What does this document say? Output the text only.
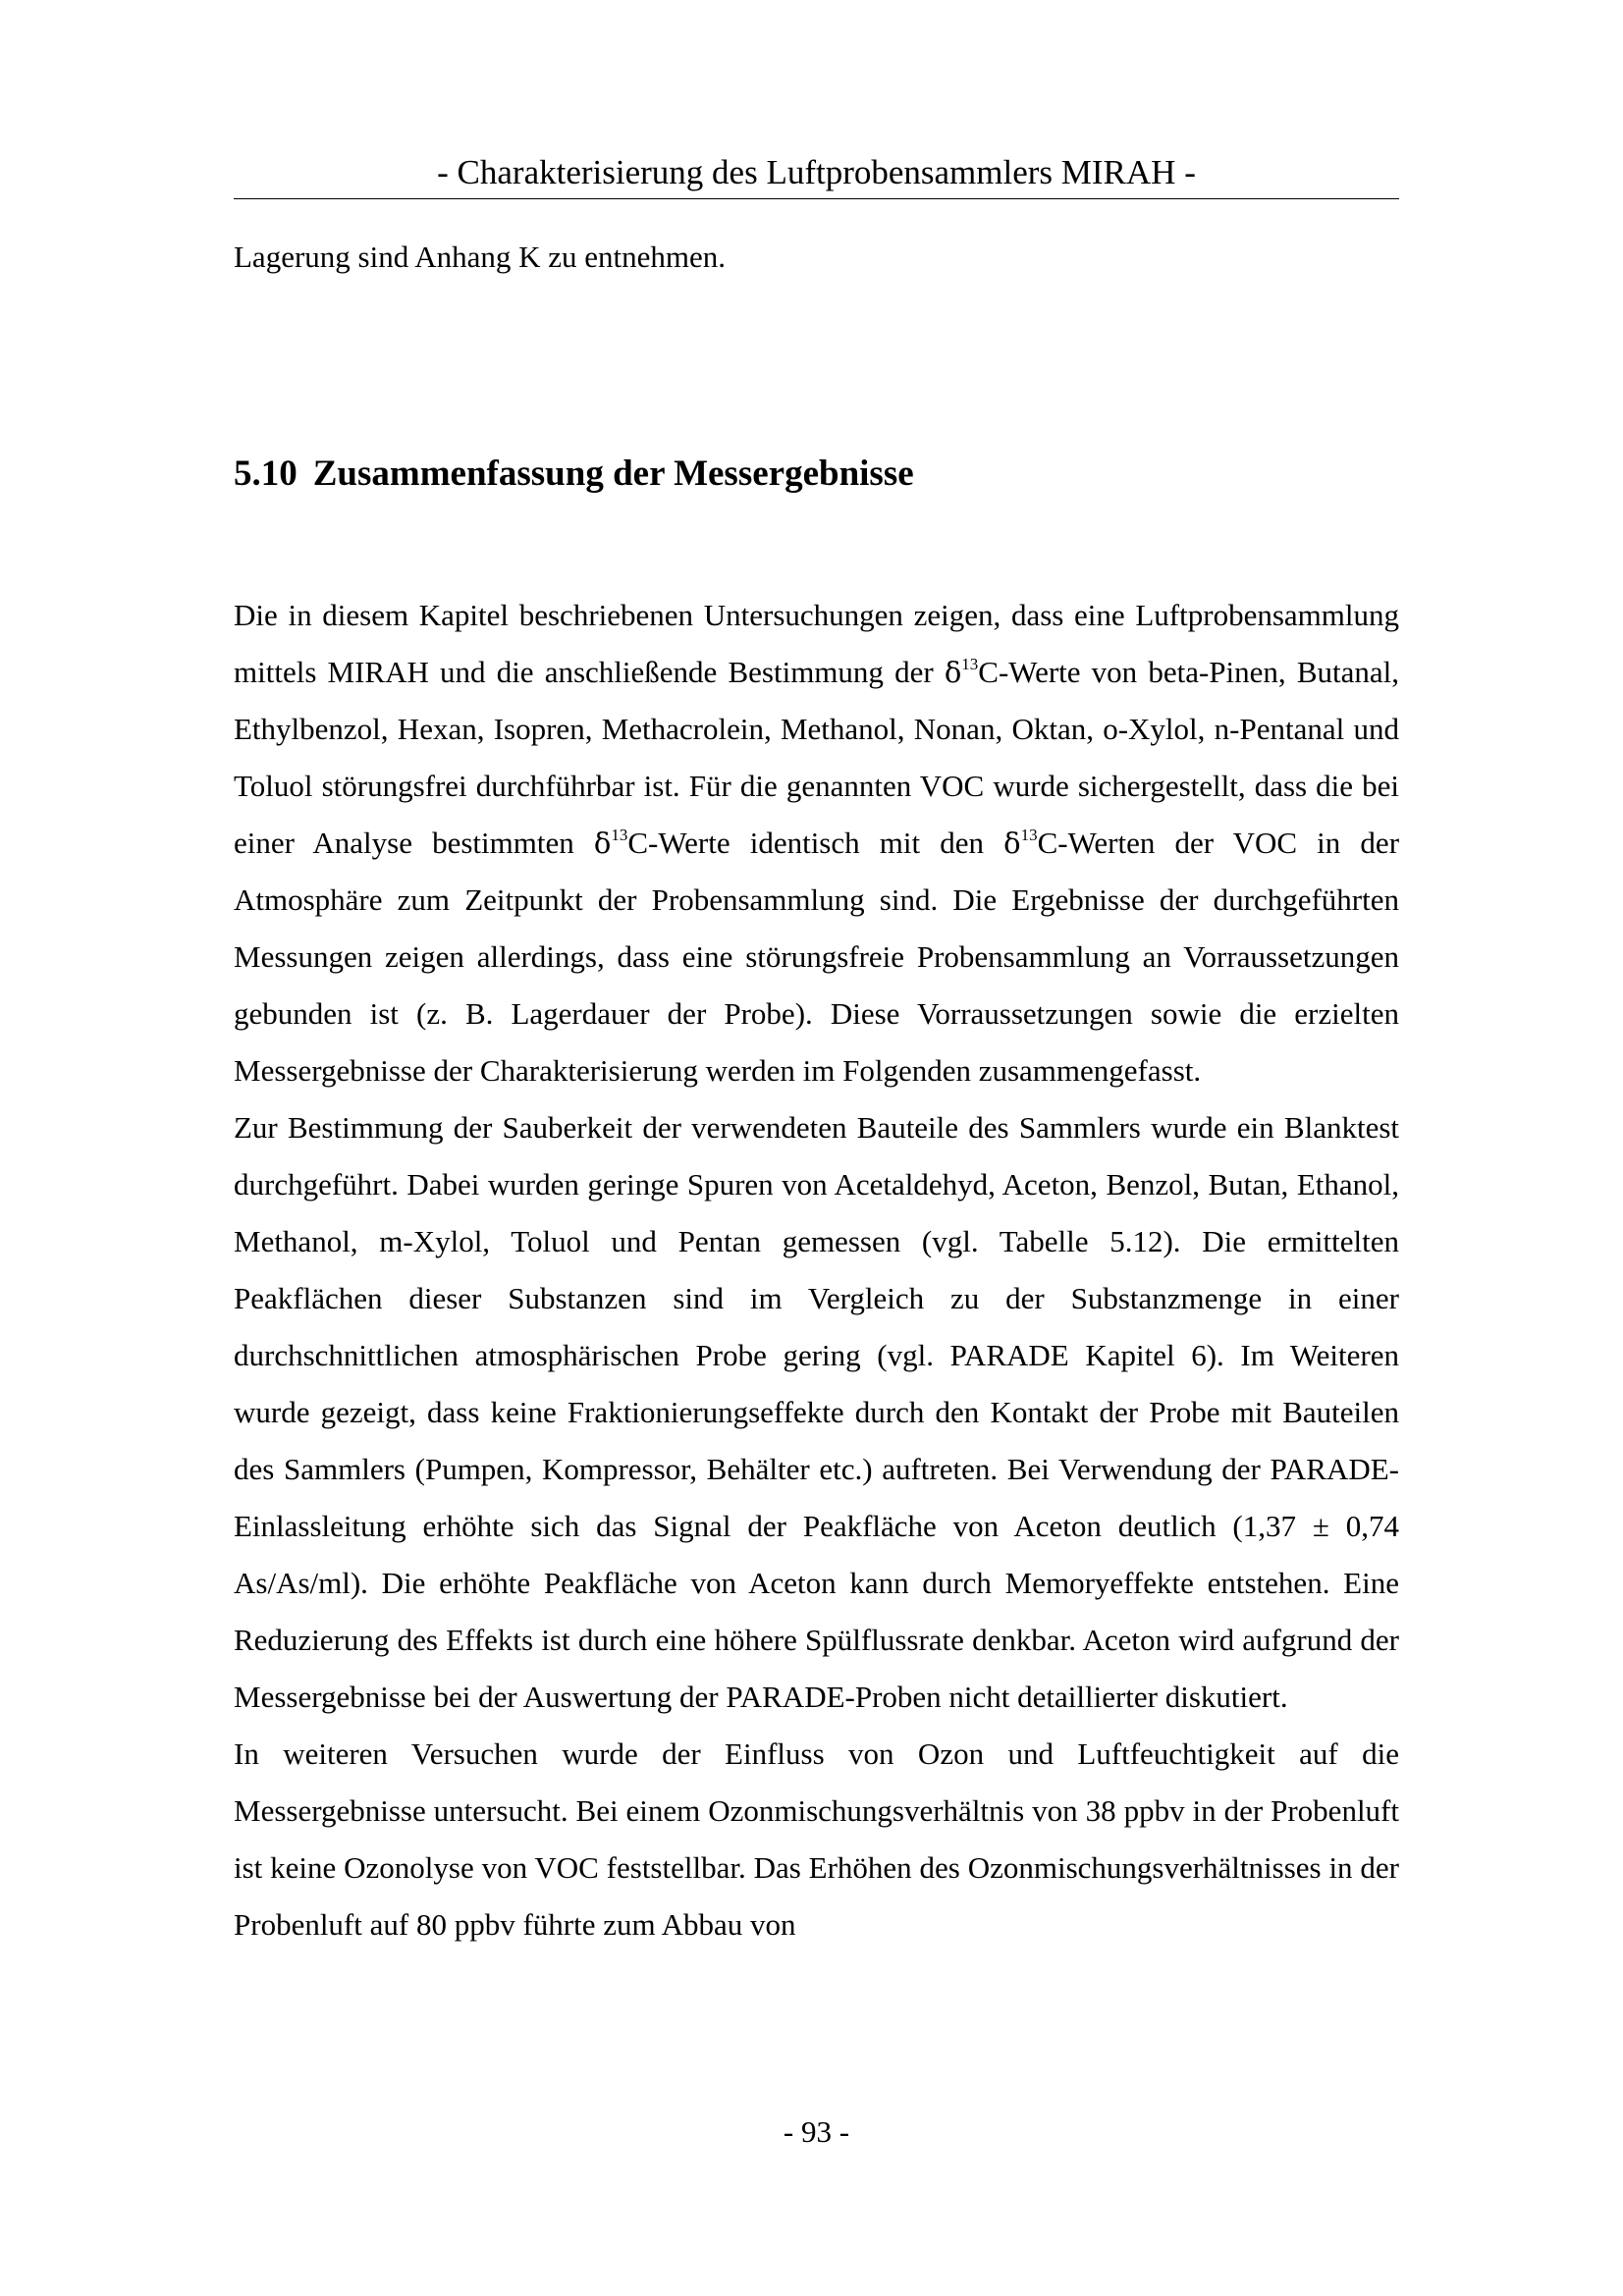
- Charakterisierung des Luftprobensammlers MIRAH -
Lagerung sind Anhang K zu entnehmen.
5.10 Zusammenfassung der Messergebnisse

Die in diesem Kapitel beschriebenen Untersuchungen zeigen, dass eine Luftprobensammlung mittels MIRAH und die anschließende Bestimmung der $\delta^{13}C$-Werte von beta-Pinen, Butanal, Ethylbenzol, Hexan, Isopren, Methacrolein, Methanol, Nonan, Oktan, o-Xylol, n-Pentanal und Toluol störungsfrei durchführbar ist. Für die genannten VOC wurde sichergestellt, dass die bei einer Analyse bestimmten $\delta^{13}C$-Werte identisch mit den $\delta^{13}C$-Werten der VOC in der Atmosphäre zum Zeitpunkt der Probensammlung sind. Die Ergebnisse der durchgeführten Messungen zeigen allerdings, dass eine störungsfreie Probensammlung an Vorraussetzungen gebunden ist (z. B. Lagerdauer der Probe). Diese Vorraussetzungen sowie die erzielten Messergebnisse der Charakterisierung werden im Folgenden zusammengefasst.

Zur Bestimmung der Sauberkeit der verwendeten Bauteile des Sammlers wurde ein Blanktest durchgeführt. Dabei wurden geringe Spuren von Acetaldehyd, Aceton, Benzol, Butan, Ethanol, Methanol, m-Xylol, Toluol und Pentan gemessen (vgl. Tabelle 5.12). Die ermittelten Peakflächen dieser Substanzen sind im Vergleich zu der Substanzmenge in einer durchschnittlichen atmosphärischen Probe gering (vgl. PARADE Kapitel 6). Im Weiteren wurde gezeigt, dass keine Fraktionierungseffekte durch den Kontakt der Probe mit Bauteilen des Sammlers (Pumpen, Kompressor, Behälter etc.) auftreten. Bei Verwendung der PARADE-Einlassleitung erhöhte sich das Signal der Peakfläche von Aceton deutlich (1,37 ± 0,74 As/As/ml). Die erhöhte Peakfläche von Aceton kann durch Memoryeffekte entstehen. Eine Reduzierung des Effekts ist durch eine höhere Spülflussrate denkbar. Aceton wird aufgrund der Messergebnisse bei der Auswertung der PARADE-Proben nicht detaillierter diskutiert.

In weiteren Versuchen wurde der Einfluss von Ozon und Luftfeuchtigkeit auf die Messergebnisse untersucht. Bei einem Ozonmischungsverhältnis von 38 ppbv in der Probenluft ist keine Ozonolyse von VOC feststellbar. Das Erhöhen des Ozonmischungsverhältnisses in der Probenluft auf 80 ppbv führte zum Abbau von

- 93 -
